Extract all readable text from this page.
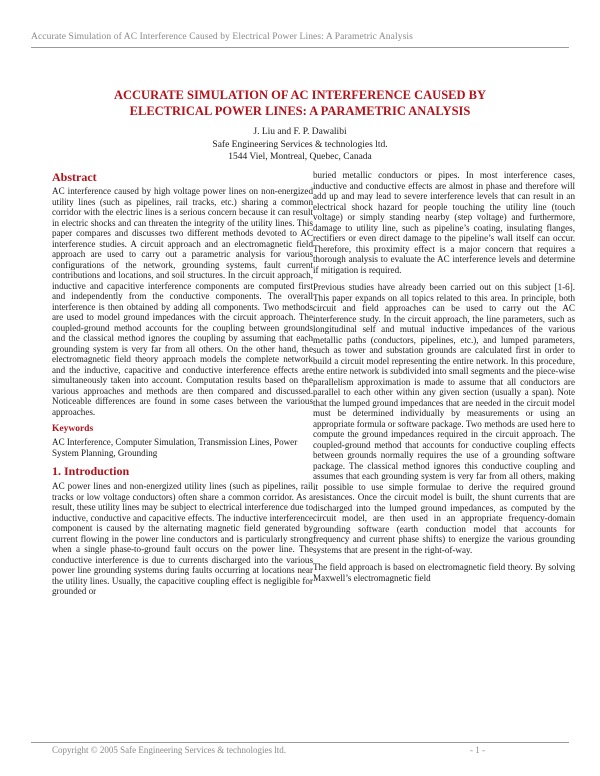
Accurate Simulation of AC Interference Caused by Electrical Power Lines: A Parametric Analysis
ACCURATE SIMULATION OF AC INTERFERENCE CAUSED BY
ELECTRICAL POWER LINES: A PARAMETRIC ANALYSIS
J. Liu and F. P. Dawalibi
Safe Engineering Services & technologies ltd.
1544 Viel, Montreal, Quebec, Canada
Abstract

AC interference caused by high voltage power lines on non-energized utility lines (such as pipelines, rail tracks, etc.) sharing a common corridor with the electric lines is a serious concern because it can result in electric shocks and can threaten the integrity of the utility lines. This paper compares and discusses two different methods devoted to AC interference studies. A circuit approach and an electromagnetic field approach are used to carry out a parametric analysis for various configurations of the network, grounding systems, fault current contributions and locations, and soil structures. In the circuit approach, inductive and capacitive interference components are computed first and independently from the conductive components. The overall interference is then obtained by adding all components. Two methods are used to model ground impedances with the circuit approach. The coupled-ground method accounts for the coupling between grounds and the classical method ignores the coupling by assuming that each grounding system is very far from all others. On the other hand, the electromagnetic field theory approach models the complete network and the inductive, capacitive and conductive interference effects are simultaneously taken into account. Computation results based on the various approaches and methods are then compared and discussed. Noticeable differences are found in some cases between the various approaches.

Keywords

AC Interference, Computer Simulation, Transmission Lines, Power System Planning, Grounding

1. Introduction

AC power lines and non-energized utility lines (such as pipelines, rail tracks or low voltage conductors) often share a common corridor. As a result, these utility lines may be subject to electrical interference due to inductive, conductive and capacitive effects. The inductive interference component is caused by the alternating magnetic field generated by current flowing in the power line conductors and is particularly strong when a single phase-to-ground fault occurs on the power line. The conductive interference is due to currents discharged into the various power line grounding systems during faults occurring at locations near the utility lines. Usually, the capacitive coupling effect is negligible for grounded or

buried metallic conductors or pipes. In most interference cases, inductive and conductive effects are almost in phase and therefore will add up and may lead to severe interference levels that can result in an electrical shock hazard for people touching the utility line (touch voltage) or simply standing nearby (step voltage) and furthermore, damage to utility line, such as pipeline’s coating, insulating flanges, rectifiers or even direct damage to the pipeline’s wall itself can occur. Therefore, this proximity effect is a major concern that requires a thorough analysis to evaluate the AC interference levels and determine if mitigation is required.

Previous studies have already been carried out on this subject [1-6]. This paper expands on all topics related to this area. In principle, both circuit and field approaches can be used to carry out the AC interference study. In the circuit approach, the line parameters, such as longitudinal self and mutual inductive impedances of the various metallic paths (conductors, pipelines, etc.), and lumped parameters, such as tower and substation grounds are calculated first in order to build a circuit model representing the entire network. In this procedure, the entire network is subdivided into small segments and the piece-wise parallelism approximation is made to assume that all conductors are parallel to each other within any given section (usually a span). Note that the lumped ground impedances that are needed in the circuit model must be determined individually by measurements or using an appropriate formula or software package. Two methods are used here to compute the ground impedances required in the circuit approach. The coupled-ground method that accounts for conductive coupling effects between grounds normally requires the use of a grounding software package. The classical method ignores this conductive coupling and assumes that each grounding system is very far from all others, making it possible to use simple formulae to derive the required ground resistances. Once the circuit model is built, the shunt currents that are discharged into the lumped ground impedances, as computed by the circuit model, are then used in an appropriate frequency-domain grounding software (earth conduction model that accounts for frequency and current phase shifts) to energize the various grounding systems that are present in the right-of-way.

The field approach is based on electromagnetic field theory. By solving Maxwell’s electromagnetic field

Copyright © 2005 Safe Engineering Services & technologies ltd.	- 1 -
